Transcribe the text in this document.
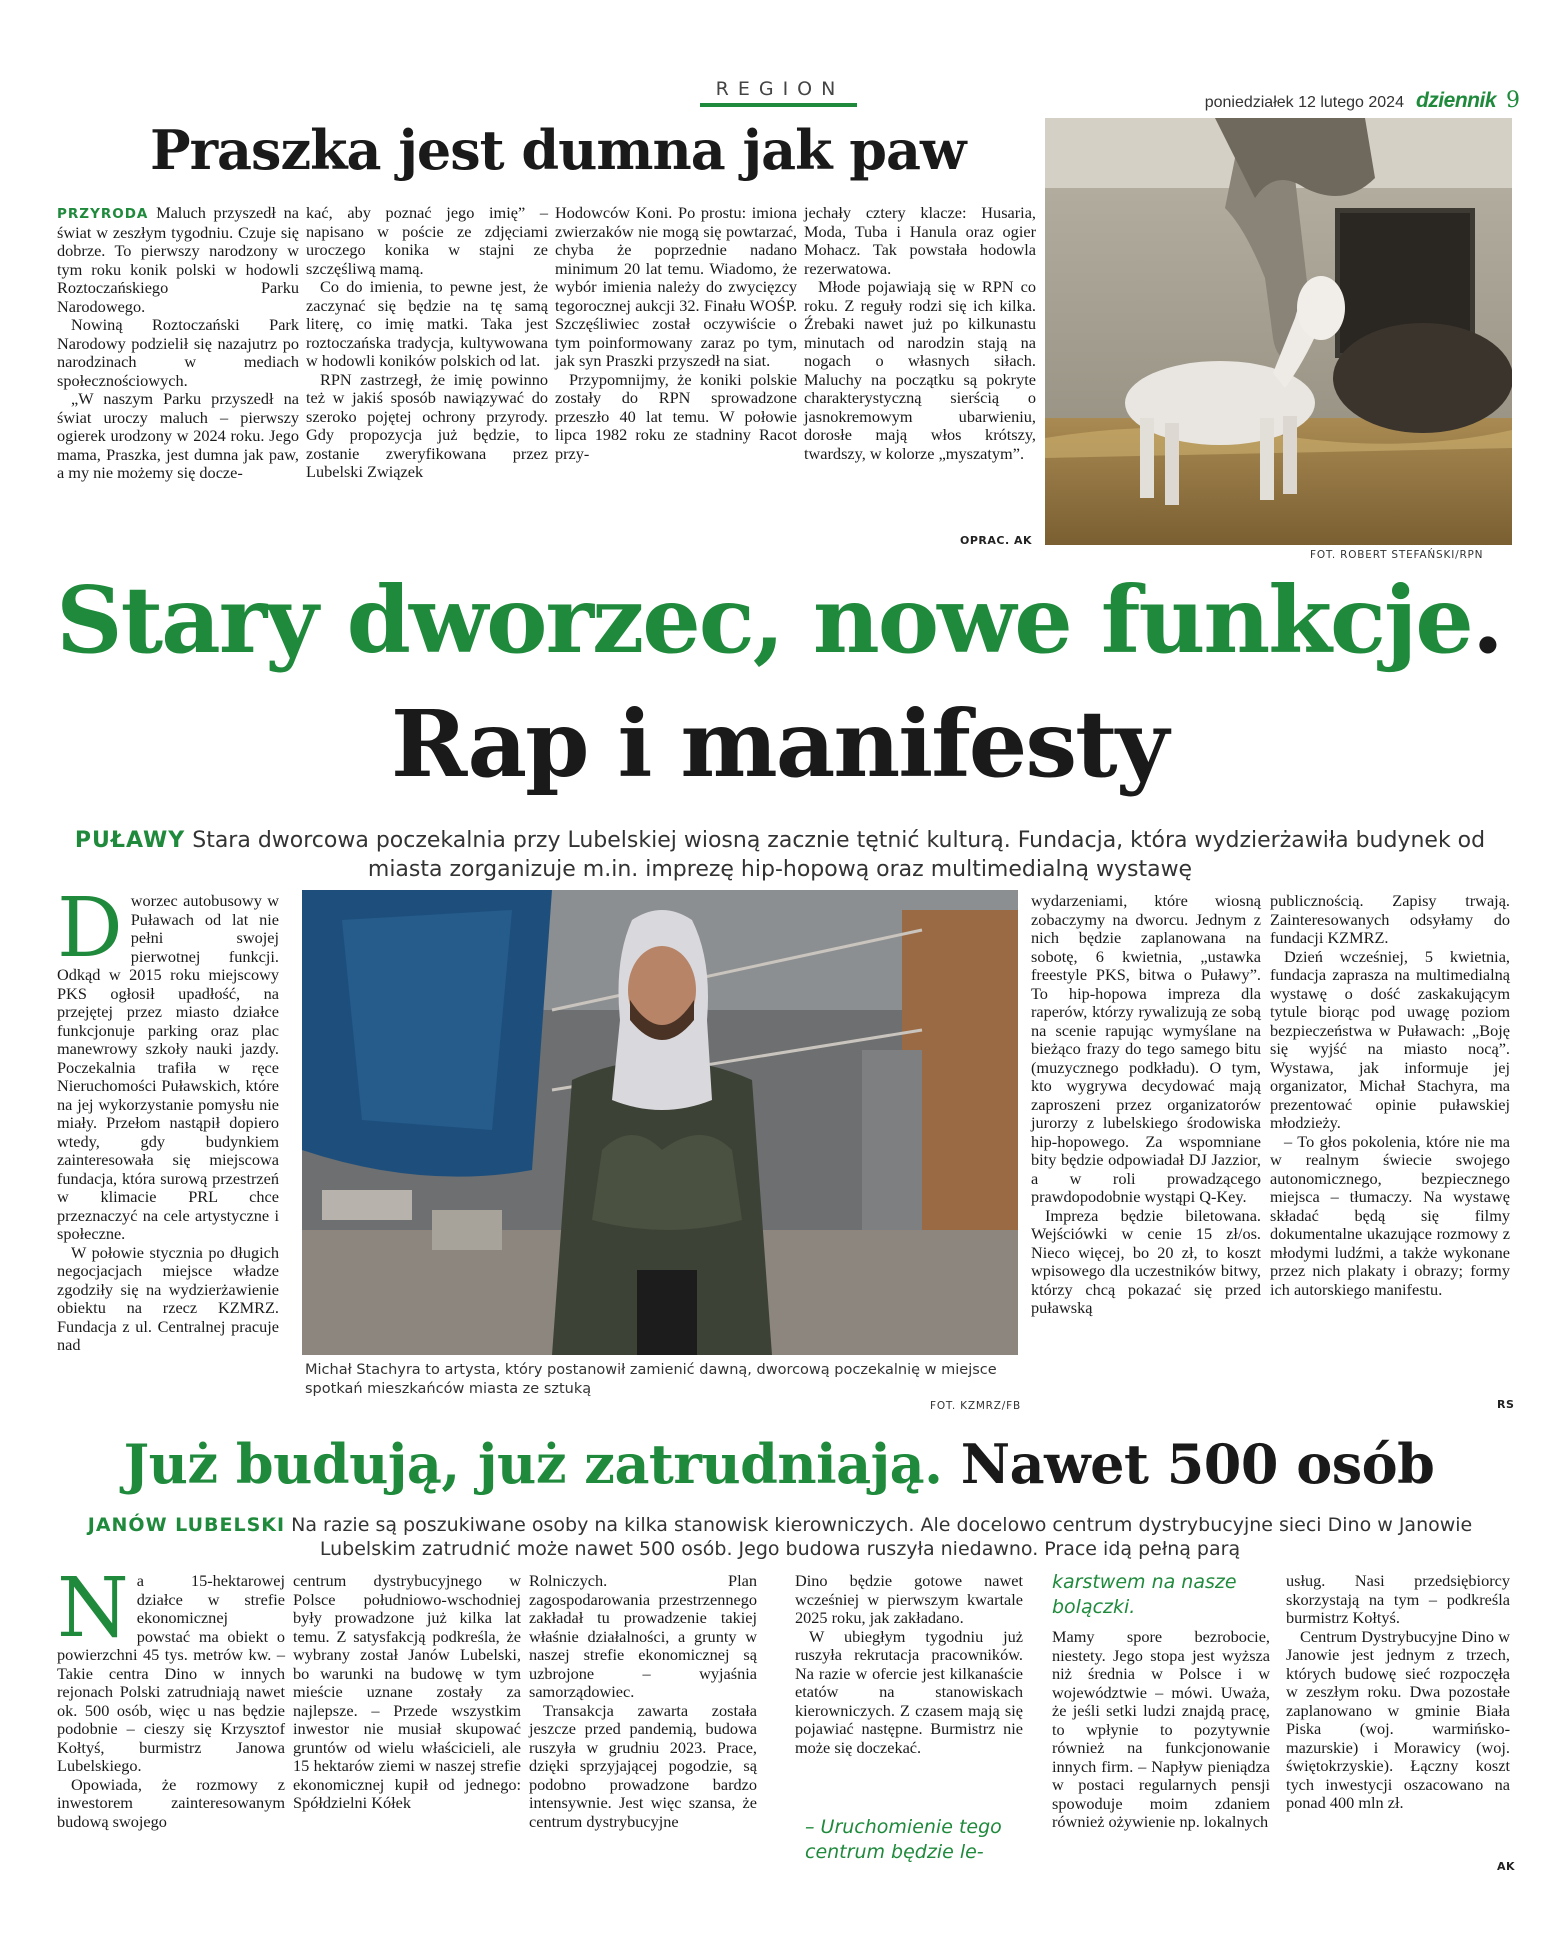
REGION
poniedziałek 12 lutego 2024 dziennik 9
Praszka jest dumna jak paw

PRZYRODA Maluch przyszedł na świat w zeszłym tygodniu. Czuje się dobrze. To pierwszy narodzony w tym roku konik polski w hodowli Roztoczańskiego Parku Narodowego.

Nowiną Roztoczański Park Narodowy podzielił się nazajutrz po narodzinach w mediach społecznościowych.

„W naszym Parku przyszedł na świat uroczy maluch – pierwszy ogierek urodzony w 2024 roku. Jego mama, Praszka, jest dumna jak paw, a my nie możemy się docze-

kać, aby poznać jego imię” – napisano w poście ze zdjęciami uroczego konika w stajni ze szczęśliwą mamą.

Co do imienia, to pewne jest, że zaczynać się będzie na tę samą literę, co imię matki. Taka jest roztoczańska tradycja, kultywowana w hodowli koników polskich od lat.

RPN zastrzegł, że imię powinno też w jakiś sposób nawiązywać do szeroko pojętej ochrony przyrody. Gdy propozycja już będzie, to zostanie zweryfikowana przez Lubelski Związek

Hodowców Koni. Po prostu: imiona zwierzaków nie mogą się powtarzać, chyba że poprzednie nadano minimum 20 lat temu. Wiadomo, że wybór imienia należy do zwycięzcy tegorocznej aukcji 32. Finału WOŚP. Szczęśliwiec został oczywiście o tym poinformowany zaraz po tym, jak syn Praszki przyszedł na siat.

Przypomnijmy, że koniki polskie zostały do RPN sprowadzone przeszło 40 lat temu. W połowie lipca 1982 roku ze stadniny Racot przy-

jechały cztery klacze: Husaria, Moda, Tuba i Hanula oraz ogier Mohacz. Tak powstała hodowla rezerwatowa.

Młode pojawiają się w RPN co roku. Z reguły rodzi się ich kilka. Źrebaki nawet już po kilkunastu minutach od narodzin stają na nogach o własnych siłach. Maluchy na początku są pokryte charakterystyczną sierścią o jasnokremowym ubarwieniu, dorosłe mają włos krótszy, twardszy, w kolorze „myszatym”.

OPRAC. AK
FOT. ROBERT STEFAŃSKI/RPN
Stary dworzec, nowe funkcje.
Rap i manifesty
PUŁAWY Stara dworcowa poczekalnia przy Lubelskiej wiosną zacznie tętnić kulturą. Fundacja, która wydzierżawiła budynek od miasta zorganizuje m.in. imprezę hip-hopową oraz multimedialną wystawę

Dworzec autobusowy w Puławach od lat nie pełni swojej pierwotnej funkcji. Odkąd w 2015 roku miejscowy PKS ogłosił upadłość, na przejętej przez miasto działce funkcjonuje parking oraz plac manewrowy szkoły nauki jazdy. Poczekalnia trafiła w ręce Nieruchomości Puławskich, które na jej wykorzystanie pomysłu nie miały. Przełom nastąpił dopiero wtedy, gdy budynkiem zainteresowała się miejscowa fundacja, która surową przestrzeń w klimacie PRL chce przeznaczyć na cele artystyczne i społeczne.

W połowie stycznia po długich negocjacjach miejsce władze zgodziły się na wydzierżawienie obiektu na rzecz KZMRZ. Fundacja z ul. Centralnej pracuje nad

Michał Stachyra to artysta, który postanowił zamienić dawną, dworcową poczekalnię w miejsce spotkań mieszkańców miasta ze sztuką
FOT. KZMRZ/FB

wydarzeniami, które wiosną zobaczymy na dworcu. Jednym z nich będzie zaplanowana na sobotę, 6 kwietnia, „ustawka freestyle PKS, bitwa o Puławy”. To hip-hopowa impreza dla raperów, którzy rywalizują ze sobą na scenie rapując wymyślane na bieżąco frazy do tego samego bitu (muzycznego podkładu). O tym, kto wygrywa decydować mają zaproszeni przez organizatorów jurorzy z lubelskiego środowiska hip-hopowego. Za wspomniane bity będzie odpowiadał DJ Jazzior, a w roli prowadzącego prawdopodobnie wystąpi Q-Key.

Impreza będzie biletowana. Wejściówki w cenie 15 zł/os. Nieco więcej, bo 20 zł, to koszt wpisowego dla uczestników bitwy, którzy chcą pokazać się przed puławską

publicznością. Zapisy trwają. Zainteresowanych odsyłamy do fundacji KZMRZ.

Dzień wcześniej, 5 kwietnia, fundacja zaprasza na multimedialną wystawę o dość zaskakującym tytule biorąc pod uwagę poziom bezpieczeństwa w Puławach: „Boję się wyjść na miasto nocą”. Wystawa, jak informuje jej organizator, Michał Stachyra, ma prezentować opinie puławskiej młodzieży.

– To głos pokolenia, które nie ma w realnym świecie swojego autonomicznego, bezpiecznego miejsca – tłumaczy. Na wystawę składać będą się filmy dokumentalne ukazujące rozmowy z młodymi ludźmi, a także wykonane przez nich plakaty i obrazy; formy ich autorskiego manifestu.

RS
Już budują, już zatrudniają. Nawet 500 osób
JANÓW LUBELSKI Na razie są poszukiwane osoby na kilka stanowisk kierowniczych. Ale docelowo centrum dystrybucyjne sieci Dino w Janowie Lubelskim zatrudnić może nawet 500 osób. Jego budowa ruszyła niedawno. Prace idą pełną parą

Na 15-hektarowej działce w strefie ekonomicznej powstać ma obiekt o powierzchni 45 tys. metrów kw. – Takie centra Dino w innych rejonach Polski zatrudniają nawet ok. 500 osób, więc u nas będzie podobnie – cieszy się Krzysztof Kołtyś, burmistrz Janowa Lubelskiego.

Opowiada, że rozmowy z inwestorem zainteresowanym budową swojego

centrum dystrybucyjnego w Polsce południowo-wschodniej były prowadzone już kilka lat temu. Z satysfakcją podkreśla, że wybrany został Janów Lubelski, bo warunki na budowę w tym mieście uznane zostały za najlepsze. – Przede wszystkim inwestor nie musiał skupować gruntów od wielu właścicieli, ale 15 hektarów ziemi w naszej strefie ekonomicznej kupił od jednego: Spółdzielni Kółek

Rolniczych. Plan zagospodarowania przestrzennego zakładał tu prowadzenie takiej właśnie działalności, a grunty w naszej strefie ekonomicznej są uzbrojone – wyjaśnia samorządowiec.

Transakcja zawarta została jeszcze przed pandemią, budowa ruszyła w grudniu 2023. Prace, dzięki sprzyjającej pogodzie, są podobno prowadzone bardzo intensywnie. Jest więc szansa, że centrum dystrybucyjne

Dino będzie gotowe nawet wcześniej w pierwszym kwartale 2025 roku, jak zakładano.

W ubiegłym tygodniu już ruszyła rekrutacja pracowników. Na razie w ofercie jest kilkanaście etatów na stanowiskach kierowniczych. Z czasem mają się pojawiać następne. Burmistrz nie może się doczekać.

– Uruchomienie tego centrum będzie le-
karstwem na nasze bolączki.

Mamy spore bezrobocie, niestety. Jego stopa jest wyższa niż średnia w Polsce i w województwie – mówi. Uważa, że jeśli setki ludzi znajdą pracę, to wpłynie to pozytywnie również na funkcjonowanie innych firm. – Napływ pieniądza w postaci regularnych pensji spowoduje moim zdaniem również ożywienie np. lokalnych

usług. Nasi przedsiębiorcy skorzystają na tym – podkreśla burmistrz Kołtyś.

Centrum Dystrybucyjne Dino w Janowie jest jednym z trzech, których budowę sieć rozpoczęła w zeszłym roku. Dwa pozostałe zaplanowano w gminie Biała Piska (woj. warmińsko-mazurskie) i Morawicy (woj. świętokrzyskie). Łączny koszt tych inwestycji oszacowano na ponad 400 mln zł.

AK
